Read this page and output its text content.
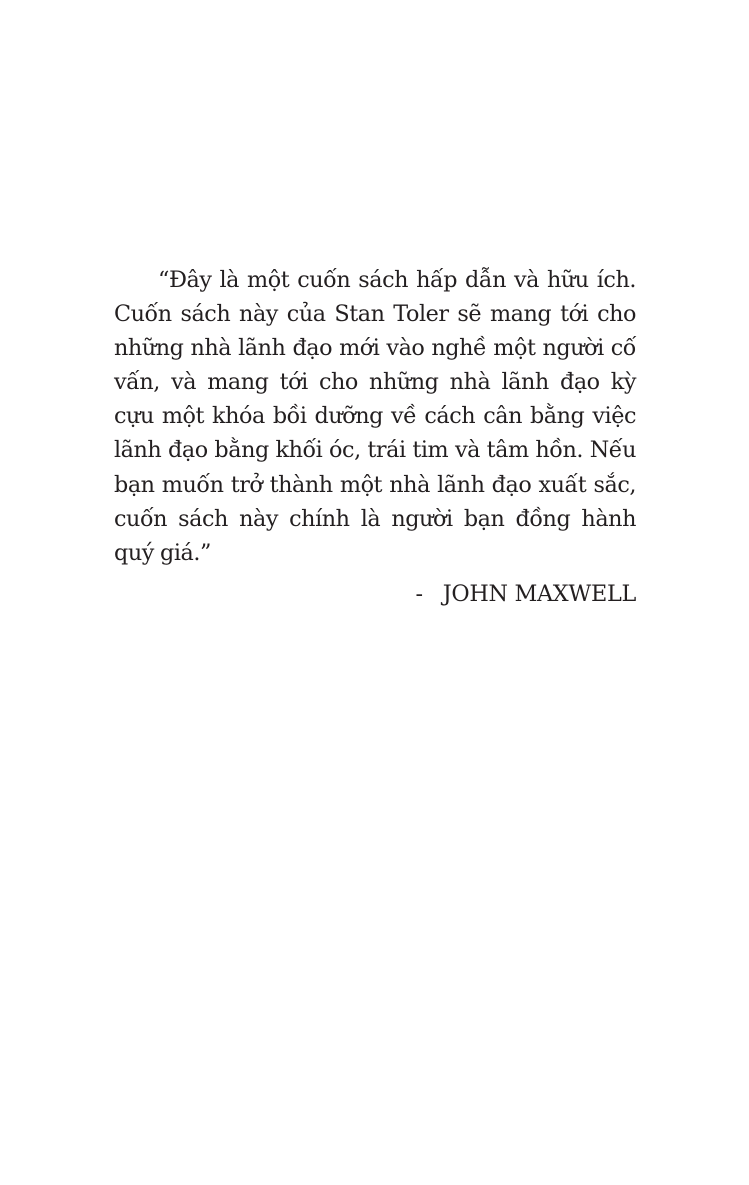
“Đây là một cuốn sách hấp dẫn và hữu ích. Cuốn sách này của Stan Toler sẽ mang tới cho những nhà lãnh đạo mới vào nghề một người cố vấn, và mang tới cho những nhà lãnh đạo kỳ cựu một khóa bồi dưỡng về cách cân bằng việc lãnh đạo bằng khối óc, trái tim và tâm hồn. Nếu bạn muốn trở thành một nhà lãnh đạo xuất sắc, cuốn sách này chính là người bạn đồng hành quý giá.”

- JOHN MAXWELL
